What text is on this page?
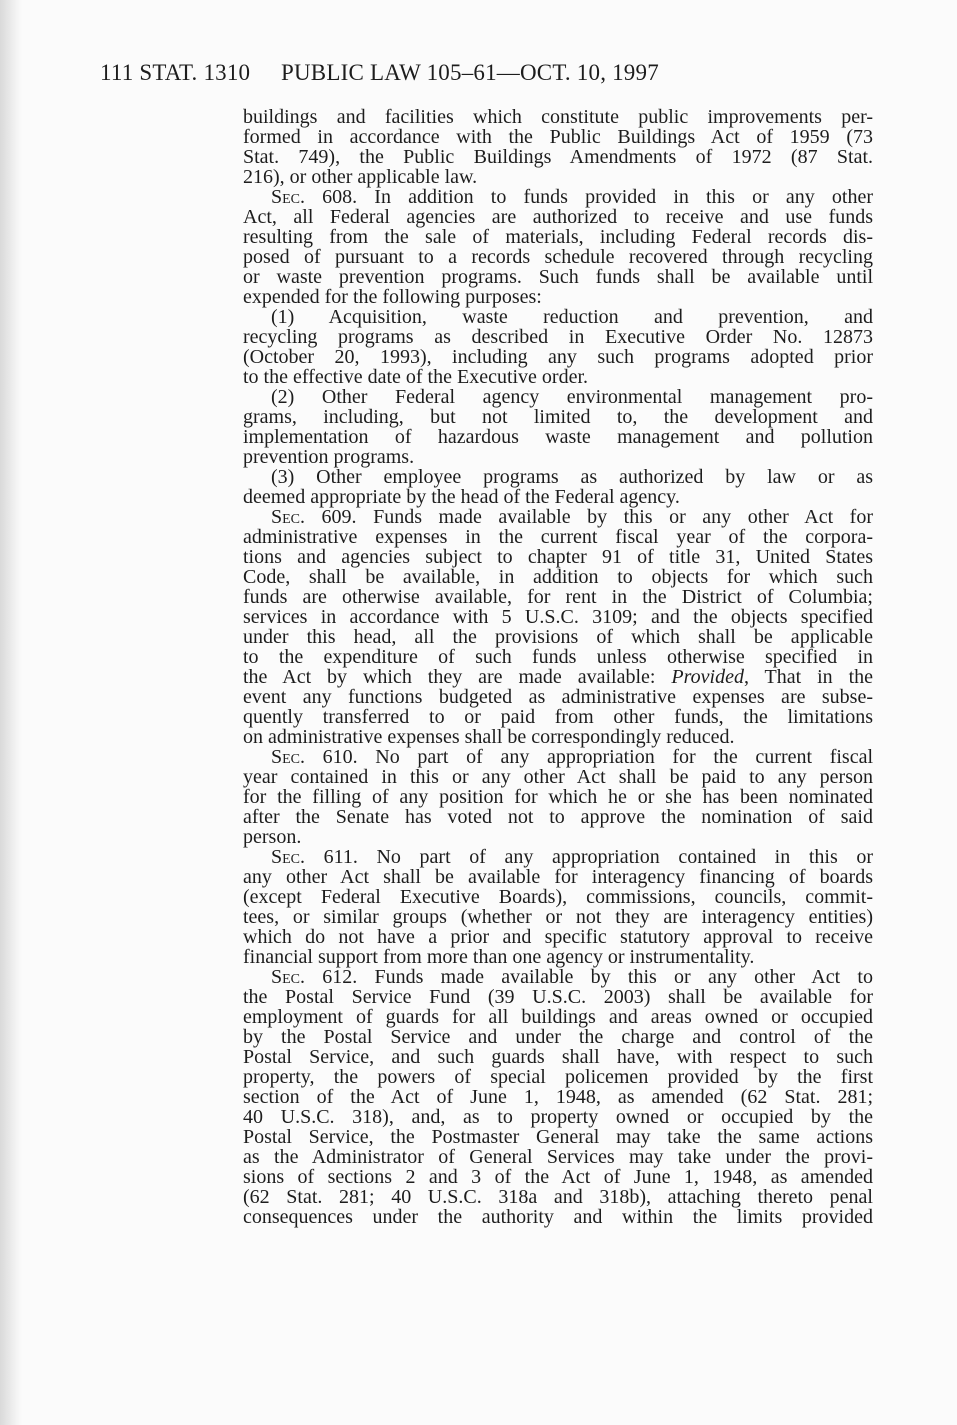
111 STAT. 1310 PUBLIC LAW 105–61—OCT. 10, 1997
buildings and facilities which constitute public improvements per-
formed in accordance with the Public Buildings Act of 1959 (73
Stat. 749), the Public Buildings Amendments of 1972 (87 Stat.
216), or other applicable law.
Sec. 608. In addition to funds provided in this or any other
Act, all Federal agencies are authorized to receive and use funds
resulting from the sale of materials, including Federal records dis-
posed of pursuant to a records schedule recovered through recycling
or waste prevention programs. Such funds shall be available until
expended for the following purposes:
(1) Acquisition, waste reduction and prevention, and
recycling programs as described in Executive Order No. 12873
(October 20, 1993), including any such programs adopted prior
to the effective date of the Executive order.
(2) Other Federal agency environmental management pro-
grams, including, but not limited to, the development and
implementation of hazardous waste management and pollution
prevention programs.
(3) Other employee programs as authorized by law or as
deemed appropriate by the head of the Federal agency.
Sec. 609. Funds made available by this or any other Act for
administrative expenses in the current fiscal year of the corpora-
tions and agencies subject to chapter 91 of title 31, United States
Code, shall be available, in addition to objects for which such
funds are otherwise available, for rent in the District of Columbia;
services in accordance with 5 U.S.C. 3109; and the objects specified
under this head, all the provisions of which shall be applicable
to the expenditure of such funds unless otherwise specified in
the Act by which they are made available: Provided, That in the
event any functions budgeted as administrative expenses are subse-
quently transferred to or paid from other funds, the limitations
on administrative expenses shall be correspondingly reduced.
Sec. 610. No part of any appropriation for the current fiscal
year contained in this or any other Act shall be paid to any person
for the filling of any position for which he or she has been nominated
after the Senate has voted not to approve the nomination of said
person.
Sec. 611. No part of any appropriation contained in this or
any other Act shall be available for interagency financing of boards
(except Federal Executive Boards), commissions, councils, commit-
tees, or similar groups (whether or not they are interagency entities)
which do not have a prior and specific statutory approval to receive
financial support from more than one agency or instrumentality.
Sec. 612. Funds made available by this or any other Act to
the Postal Service Fund (39 U.S.C. 2003) shall be available for
employment of guards for all buildings and areas owned or occupied
by the Postal Service and under the charge and control of the
Postal Service, and such guards shall have, with respect to such
property, the powers of special policemen provided by the first
section of the Act of June 1, 1948, as amended (62 Stat. 281;
40 U.S.C. 318), and, as to property owned or occupied by the
Postal Service, the Postmaster General may take the same actions
as the Administrator of General Services may take under the provi-
sions of sections 2 and 3 of the Act of June 1, 1948, as amended
(62 Stat. 281; 40 U.S.C. 318a and 318b), attaching thereto penal
consequences under the authority and within the limits provided
